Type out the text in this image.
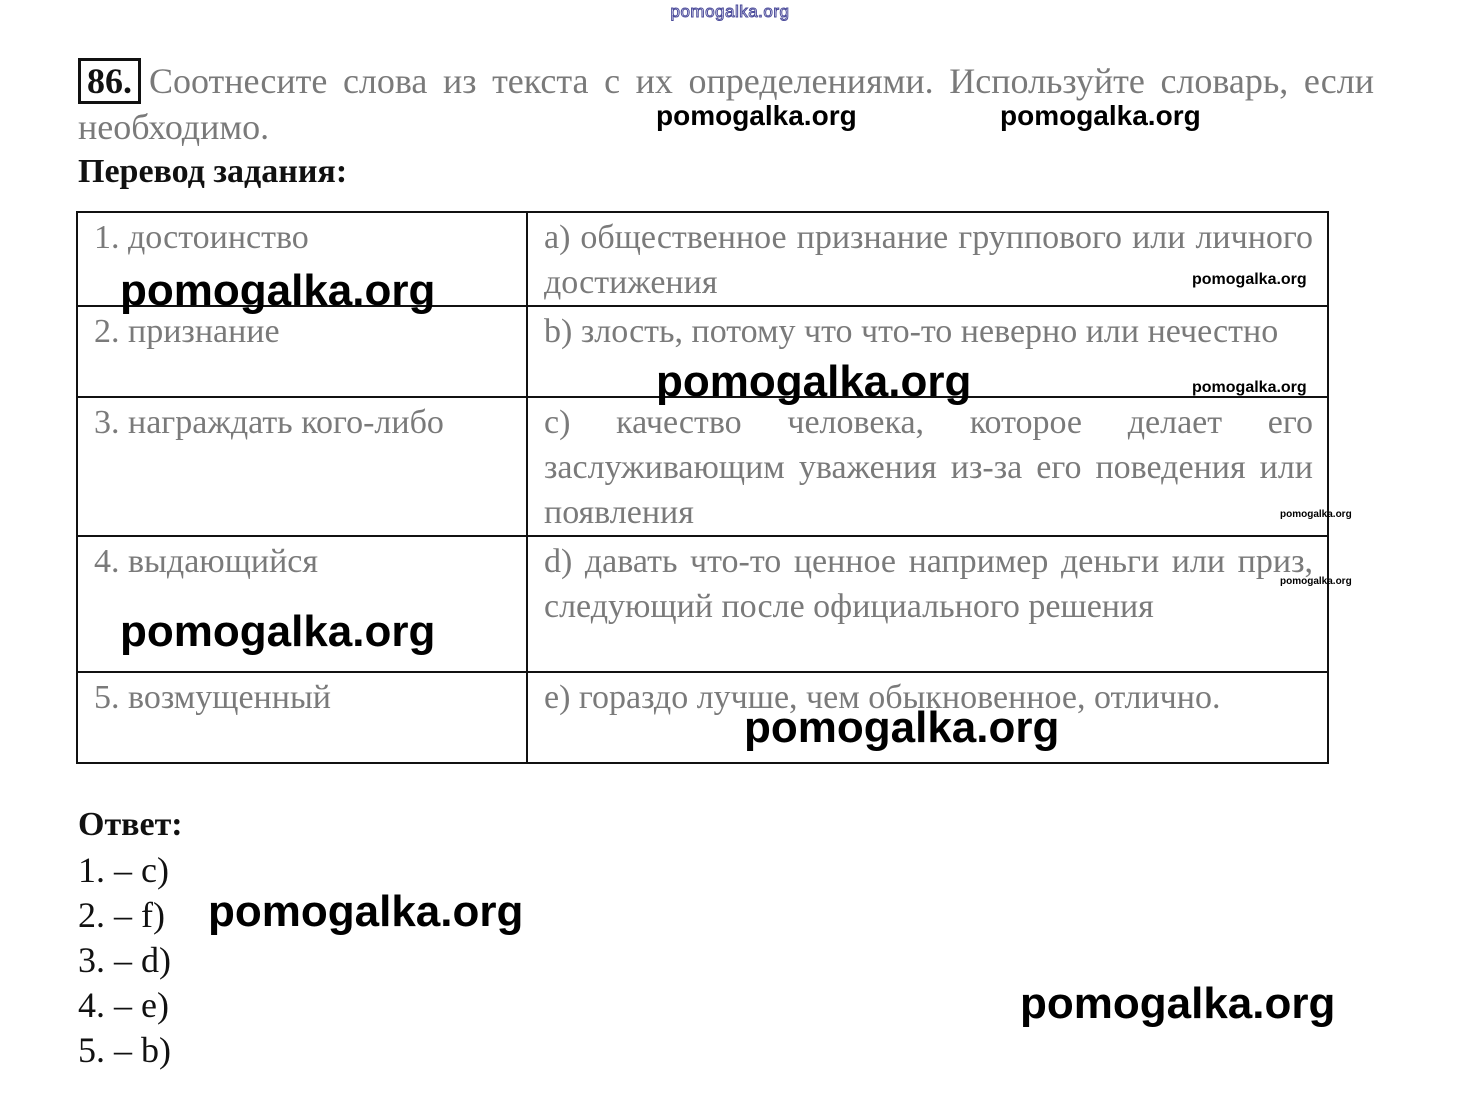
pomogalka.org
86. Соотнесите слова из текста с их определениями. Используйте словарь, если необходимо.
Перевод задания:
1. достоинство	a) общественное признание группового или личного достижения
2. признание	b) злость, потому что что-то неверно или нечестно
3. награждать кого-либо	c) качество человека, которое делает его заслуживающим уважения из-за его поведения или появления
4. выдающийся	d) давать что-то ценное например деньги или приз, следующий после официального решения
5. возмущенный	e) гораздо лучше, чем обыкновенное, отлично.
Ответ:
1. – c)
2. – f)
3. – d)
4. – e)
5. – b)
pomogalka.org	pomogalka.org
pomogalka.org	pomogalka.org
pomogalka.org	pomogalka.org
pomogalka.org
pomogalka.org
pomogalka.org
pomogalka.org
pomogalka.org
pomogalka.org
